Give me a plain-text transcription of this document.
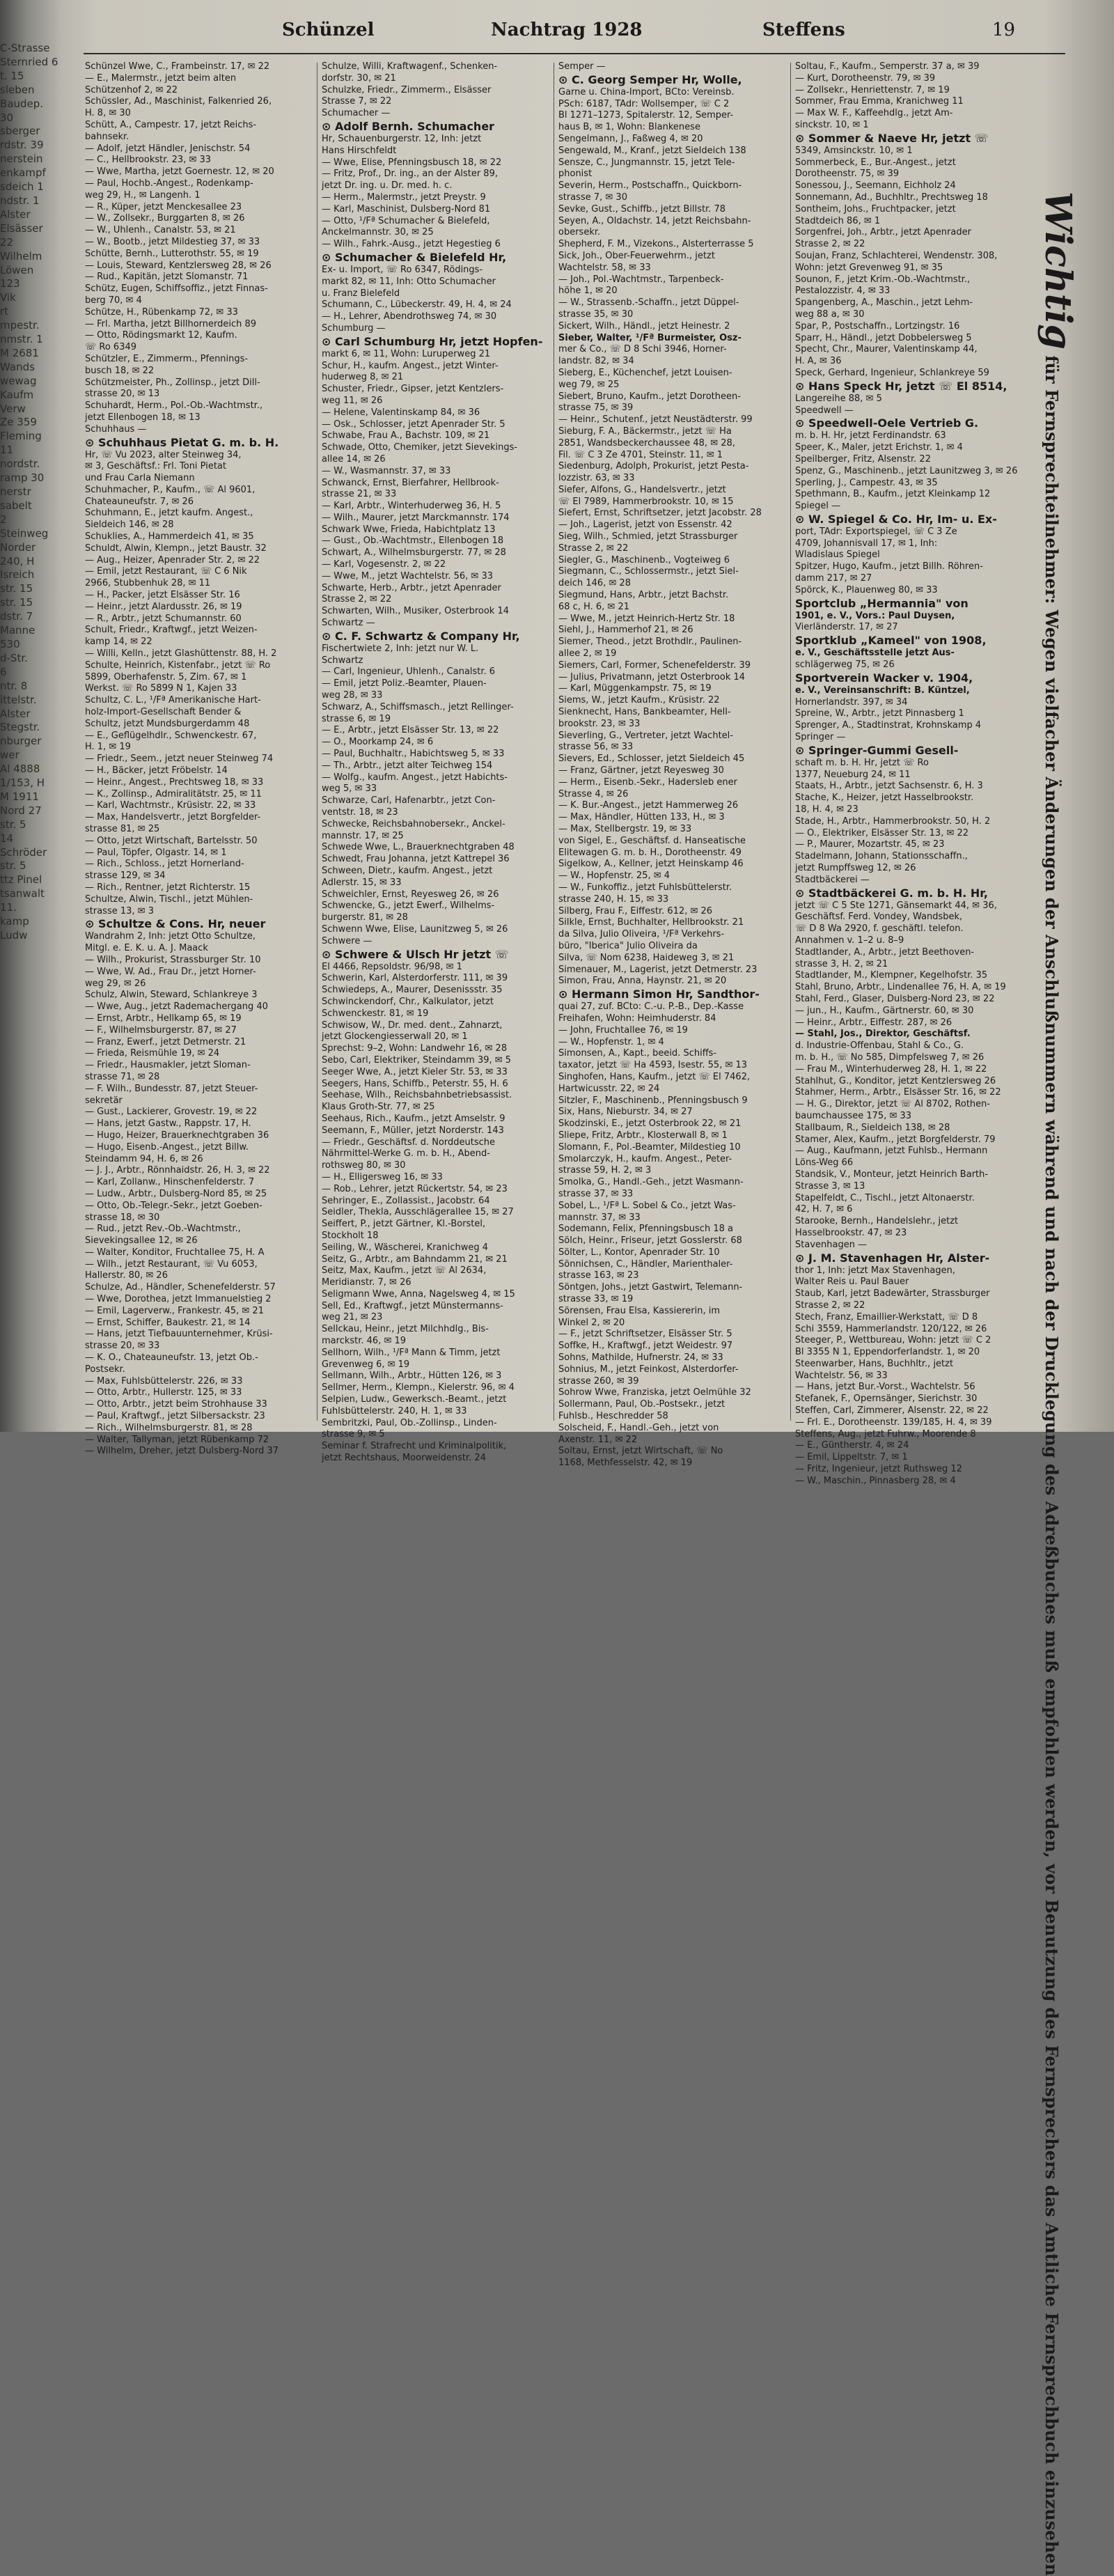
C-Strasse
Sternried 6
t. 15
sleben
Baudep.
30
sberger
rdstr. 39
nerstein
enkampf
sdeich 1
ndstr. 1
Alster
Elsässer
22
Wilhelm
Löwen
123
Vik
rt
mpestr.
nmstr. 1
M 2681
Wands
wewag
Kaufm
Verw
Ze 359
Fleming
11
nordstr.
ramp 30
nerstr
sabelt
2
Steinweg
Norder
240, H
Isreich
str. 15
str. 15
dstr. 7
Manne
530
d-Str.
6
ntr. 8
ittelstr.
Alster
Stegstr.
nburger
wer
Al 4888
1/153, H
M 1911
Nord 27
str. 5
14
Schröder
str. 5
ttz Pinel
tsanwalt
11.
kamp
Ludw
Schünzel	Nachtrag 1928	Steffens	19
Schünzel Wwe, C., Frambeinstr. 17, ✉ 22
— E., Malermstr., jetzt beim alten
Schützenhof 2, ✉ 22
Schüssler, Ad., Maschinist, Falkenried 26,
H. 8, ✉ 30
Schütt, A., Campestr. 17, jetzt Reichs-
bahnsekr.
— Adolf, jetzt Händler, Jenischstr. 54
— C., Hellbrookstr. 23, ✉ 33
— Wwe, Martha, jetzt Goernestr. 12, ✉ 20
— Paul, Hochb.-Angest., Rodenkamp-
weg 29, H., ✉ Langenh. 1
— R., Küper, jetzt Menckesallee 23
— W., Zollsekr., Burggarten 8, ✉ 26
— W., Uhlenh., Canalstr. 53, ✉ 21
— W., Bootb., jetzt Mildestieg 37, ✉ 33
Schütte, Bernh., Lutterothstr. 55, ✉ 19
— Louis, Steward, Kentzlersweg 28, ✉ 26
— Rud., Kapitän, jetzt Slomanstr. 71
Schütz, Eugen, Schiffsoffiz., jetzt Finnas-
berg 70, ✉ 4
Schütze, H., Rübenkamp 72, ✉ 33
— Frl. Martha, jetzt Billhornerdeich 89
— Otto, Rödingsmarkt 12, Kaufm.
☏ Ro 6349
Schützler, E., Zimmerm., Pfennings-
busch 18, ✉ 22
Schützmeister, Ph., Zollinsp., jetzt Dill-
strasse 20, ✉ 13
Schuhardt, Herm., Pol.-Ob.-Wachtmstr.,
jetzt Ellenbogen 18, ✉ 13
Schuhhaus —
⊙ Schuhhaus Pietat G. m. b. H.
Hr, ☏ Vu 2023, alter Steinweg 34,
✉ 3, Geschäftsf.: Frl. Toni Pietat
und Frau Carla Niemann
Schuhmacher, P., Kaufm., ☏ Al 9601,
Chateauneufstr. 7, ✉ 26
Schuhmann, E., jetzt kaufm. Angest.,
Sieldeich 146, ✉ 28
Schuklies, A., Hammerdeich 41, ✉ 35
Schuldt, Alwin, Klempn., jetzt Baustr. 32
— Aug., Heizer, Apenrader Str. 2, ✉ 22
— Emil, jetzt Restaurant, ☏ C 6 Nik
2966, Stubbenhuk 28, ✉ 11
— H., Packer, jetzt Elsässer Str. 16
— Heinr., jetzt Alardusstr. 26, ✉ 19
— R., Arbtr., jetzt Schumannstr. 60
Schult, Friedr., Kraftwgf., jetzt Weizen-
kamp 14, ✉ 22
— Willi, Kelln., jetzt Glashüttenstr. 88, H. 2
Schulte, Heinrich, Kistenfabr., jetzt ☏ Ro
5899, Oberhafenstr. 5, Zim. 67, ✉ 1
Werkst. ☏ Ro 5899 N 1, Kajen 33
Schultz, C. L., ¹/Fª Amerikanische Hart-
holz-Import-Gesellschaft Bender &
Schultz, jetzt Mundsburgerdamm 48
— E., Geflügelhdlr., Schwenckestr. 67,
H. 1, ✉ 19
— Friedr., Seem., jetzt neuer Steinweg 74
— H., Bäcker, jetzt Fröbelstr. 14
— Heinr., Angest., Prechtsweg 18, ✉ 33
— K., Zollinsp., Admiralitätstr. 25, ✉ 11
— Karl, Wachtmstr., Krüsistr. 22, ✉ 33
— Max, Handelsvertr., jetzt Borgfelder-
strasse 81, ✉ 25
— Otto, jetzt Wirtschaft, Bartelsstr. 50
— Paul, Töpfer, Olgastr. 14, ✉ 1
— Rich., Schloss., jetzt Hornerland-
strasse 129, ✉ 34
— Rich., Rentner, jetzt Richterstr. 15
Schultze, Alwin, Tischl., jetzt Mühlen-
strasse 13, ✉ 3
⊙ Schultze & Cons. Hr, neuer
Wandrahm 2, Inh: jetzt Otto Schultze,
Mitgl. e. E. K. u. A. J. Maack
— Wilh., Prokurist, Strassburger Str. 10
— Wwe, W. Ad., Frau Dr., jetzt Horner-
weg 29, ✉ 26
Schulz, Alwin, Steward, Schlankreye 3
— Wwe, Aug., jetzt Rademachergang 40
— Ernst, Arbtr., Hellkamp 65, ✉ 19
— F., Wilhelmsburgerstr. 87, ✉ 27
— Franz, Ewerf., jetzt Detmerstr. 21
— Frieda, Reismühle 19, ✉ 24
— Friedr., Hausmakler, jetzt Sloman-
strasse 71, ✉ 28
— F. Wilh., Bundesstr. 87, jetzt Steuer-
sekretär
— Gust., Lackierer, Grovestr. 19, ✉ 22
— Hans, jetzt Gastw., Rappstr. 17, H.
— Hugo, Heizer, Brauerknechtgraben 36
— Hugo, Eisenb.-Angest., jetzt Billw.
Steindamm 94, H. 6, ✉ 26
— J. J., Arbtr., Rönnhaidstr. 26, H. 3, ✉ 22
— Karl, Zollanw., Hinschenfelderstr. 7
— Ludw., Arbtr., Dulsberg-Nord 85, ✉ 25
— Otto, Ob.-Telegr.-Sekr., jetzt Goeben-
strasse 18, ✉ 30
— Rud., jetzt Rev.-Ob.-Wachtmstr.,
Sievekingsallee 12, ✉ 26
— Walter, Konditor, Fruchtallee 75, H. A
— Wilh., jetzt Restaurant, ☏ Vu 6053,
Hallerstr. 80, ✉ 26
Schulze, Ad., Händler, Schenefelderstr. 57
— Wwe, Dorothea, jetzt Immanuelstieg 2
— Emil, Lagerverw., Frankestr. 45, ✉ 21
— Ernst, Schiffer, Baukestr. 21, ✉ 14
— Hans, jetzt Tiefbauunternehmer, Krüsi-
strasse 20, ✉ 33
— K. O., Chateauneufstr. 13, jetzt Ob.-
Postsekr.
— Max, Fuhlsbüttelerstr. 226, ✉ 33
— Otto, Arbtr., Hullerstr. 125, ✉ 33
— Otto, Arbtr., jetzt beim Strohhause 33
— Paul, Kraftwgf., jetzt Silbersackstr. 23
— Rich., Wilhelmsburgerstr. 81, ✉ 28
— Walter, Tallyman, jetzt Rübenkamp 72
— Wilhelm, Dreher, jetzt Dulsberg-Nord 37
Schulze, Willi, Kraftwagenf., Schenken-
dorfstr. 30, ✉ 21
Schulzke, Friedr., Zimmerm., Elsässer
Strasse 7, ✉ 22
Schumacher —
⊙ Adolf Bernh. Schumacher
Hr, Schauenburgerstr. 12, Inh: jetzt
Hans Hirschfeldt
— Wwe, Elise, Pfenningsbusch 18, ✉ 22
— Fritz, Prof., Dr. ing., an der Alster 89,
jetzt Dr. ing. u. Dr. med. h. c.
— Herm., Malermstr., jetzt Preystr. 9
— Karl, Maschinist, Dulsberg-Nord 81
— Otto, ¹/Fª Schumacher & Bielefeld,
Anckelmannstr. 30, ✉ 25
— Wilh., Fahrk.-Ausg., jetzt Hegestieg 6
⊙ Schumacher & Bielefeld Hr,
Ex- u. Import, ☏ Ro 6347, Rödings-
markt 82, ✉ 11, Inh: Otto Schumacher
u. Franz Bielefeld
Schumann, C., Lübeckerstr. 49, H. 4, ✉ 24
— H., Lehrer, Abendrothsweg 74, ✉ 30
Schumburg —
⊙ Carl Schumburg Hr, jetzt Hopfen-
markt 6, ✉ 11, Wohn: Luruperweg 21
Schur, H., kaufm. Angest., jetzt Winter-
huderweg 8, ✉ 21
Schuster, Friedr., Gipser, jetzt Kentzlers-
weg 11, ✉ 26
— Helene, Valentinskamp 84, ✉ 36
— Osk., Schlosser, jetzt Apenrader Str. 5
Schwabe, Frau A., Bachstr. 109, ✉ 21
Schwade, Otto, Chemiker, jetzt Sievekings-
allee 14, ✉ 26
— W., Wasmannstr. 37, ✉ 33
Schwanck, Ernst, Bierfahrer, Hellbrook-
strasse 21, ✉ 33
— Karl, Arbtr., Winterhuderweg 36, H. 5
— Wilh., Maurer, jetzt Marckmannstr. 174
Schwark Wwe, Frieda, Habichtplatz 13
— Gust., Ob.-Wachtmstr., Ellenbogen 18
Schwart, A., Wilhelmsburgerstr. 77, ✉ 28
— Karl, Vogesenstr. 2, ✉ 22
— Wwe, M., jetzt Wachtelstr. 56, ✉ 33
Schwarte, Herb., Arbtr., jetzt Apenrader
Strasse 2, ✉ 22
Schwarten, Wilh., Musiker, Osterbrook 14
Schwartz —
⊙ C. F. Schwartz & Company Hr,
Fischertwiete 2, Inh: jetzt nur W. L.
Schwartz
— Carl, Ingenieur, Uhlenh., Canalstr. 6
— Emil, jetzt Poliz.-Beamter, Plauen-
weg 28, ✉ 33
Schwarz, A., Schiffsmasch., jetzt Rellinger-
strasse 6, ✉ 19
— E., Arbtr., jetzt Elsässer Str. 13, ✉ 22
— O., Moorkamp 24, ✉ 6
— Paul, Buchhaltr., Habichtsweg 5, ✉ 33
— Th., Arbtr., jetzt alter Teichweg 154
— Wolfg., kaufm. Angest., jetzt Habichts-
weg 5, ✉ 33
Schwarze, Carl, Hafenarbtr., jetzt Con-
ventstr. 18, ✉ 23
Schwecke, Reichsbahnobersekr., Anckel-
mannstr. 17, ✉ 25
Schwede Wwe, L., Brauerknechtgraben 48
Schwedt, Frau Johanna, jetzt Kattrepel 36
Schween, Dietr., kaufm. Angest., jetzt
Adlerstr. 15, ✉ 33
Schweichler, Ernst, Reyesweg 26, ✉ 26
Schwencke, G., jetzt Ewerf., Wilhelms-
burgerstr. 81, ✉ 28
Schwenn Wwe, Elise, Launitzweg 5, ✉ 26
Schwere —
⊙ Schwere & Ulsch Hr jetzt ☏
El 4466, Repsoldstr. 96/98, ✉ 1
Schwerin, Karl, Alsterdorferstr. 111, ✉ 39
Schwiedeps, A., Maurer, Desenissstr. 35
Schwinckendorf, Chr., Kalkulator, jetzt
Schwenckestr. 81, ✉ 19
Schwisow, W., Dr. med. dent., Zahnarzt,
jetzt Glockengiesserwall 20, ✉ 1
Sprechst: 9–2, Wohn: Landwehr 16, ✉ 28
Sebo, Carl, Elektriker, Steindamm 39, ✉ 5
Seeger Wwe, A., jetzt Kieler Str. 53, ✉ 33
Seegers, Hans, Schiffb., Peterstr. 55, H. 6
Seehase, Wilh., Reichsbahnbetriebsassist.
Klaus Groth-Str. 77, ✉ 25
Seehaus, Rich., Kaufm., jetzt Amselstr. 9
Seemann, F., Müller, jetzt Norderstr. 143
— Friedr., Geschäftsf. d. Norddeutsche
Nährmittel-Werke G. m. b. H., Abend-
rothsweg 80, ✉ 30
— H., Elligersweg 16, ✉ 33
— Rob., Lehrer, jetzt Rückertstr. 54, ✉ 23
Sehringer, E., Zollassist., Jacobstr. 64
Seidler, Thekla, Ausschlägerallee 15, ✉ 27
Seiffert, P., jetzt Gärtner, Kl.-Borstel,
Stockholt 18
Seiling, W., Wäscherei, Kranichweg 4
Seitz, G., Arbtr., am Bahndamm 21, ✉ 21
Seitz, Max, Kaufm., jetzt ☏ Al 2634,
Meridianstr. 7, ✉ 26
Seligmann Wwe, Anna, Nagelsweg 4, ✉ 15
Sell, Ed., Kraftwgf., jetzt Münstermanns-
weg 21, ✉ 23
Sellckau, Heinr., jetzt Milchhdlg., Bis-
marckstr. 46, ✉ 19
Sellhorn, Wilh., ¹/Fª Mann & Timm, jetzt
Grevenweg 6, ✉ 19
Sellmann, Wilh., Arbtr., Hütten 126, ✉ 3
Sellmer, Herm., Klempn., Kielerstr. 96, ✉ 4
Selpien, Ludw., Gewerksch.-Beamt., jetzt
Fuhlsbüttelerstr. 240, H. 1, ✉ 33
Sembritzki, Paul, Ob.-Zollinsp., Linden-
strasse 9, ✉ 5
Seminar f. Strafrecht und Kriminalpolitik,
jetzt Rechtshaus, Moorweidenstr. 24
Semper —
⊙ C. Georg Semper Hr, Wolle,
Garne u. China-Import, BCto: Vereinsb.
PSch: 6187, TAdr: Wollsemper, ☏ C 2
Bl 1271–1273, Spitalerstr. 12, Semper-
haus B, ✉ 1, Wohn: Blankenese
Sengelmann, J., Faßweg 4, ✉ 20
Sengewald, M., Kranf., jetzt Sieldeich 138
Sensze, C., Jungmannstr. 15, jetzt Tele-
phonist
Severin, Herm., Postschaffn., Quickborn-
strasse 7, ✉ 30
Sevke, Gust., Schiffb., jetzt Billstr. 78
Seyen, A., Oldachstr. 14, jetzt Reichsbahn-
obersekr.
Shepherd, F. M., Vizekons., Alsterterrasse 5
Sick, Joh., Ober-Feuerwehrm., jetzt
Wachtelstr. 58, ✉ 33
— Joh., Pol.-Wachtmstr., Tarpenbeck-
höhe 1, ✉ 20
— W., Strassenb.-Schaffn., jetzt Düppel-
strasse 35, ✉ 30
Sickert, Wilh., Händl., jetzt Heinestr. 2
Sieber, Walter, ¹/Fª Burmeister, Osz-
mer & Co., ☏ D 8 Schi 3946, Horner-
landstr. 82, ✉ 34
Sieberg, E., Küchenchef, jetzt Louisen-
weg 79, ✉ 25
Siebert, Bruno, Kaufm., jetzt Dorotheen-
strasse 75, ✉ 39
— Heinr., Schutenf., jetzt Neustädterstr. 99
Sieburg, F. A., Bäckermstr., jetzt ☏ Ha
2851, Wandsbeckerchaussee 48, ✉ 28,
Fil. ☏ C 3 Ze 4701, Steinstr. 11, ✉ 1
Siedenburg, Adolph, Prokurist, jetzt Pesta-
lozzistr. 63, ✉ 33
Siefer, Alfons, G., Handelsvertr., jetzt
☏ El 7989, Hammerbrookstr. 10, ✉ 15
Siefert, Ernst, Schriftsetzer, jetzt Jacobstr. 28
— Joh., Lagerist, jetzt von Essenstr. 42
Sieg, Wilh., Schmied, jetzt Strassburger
Strasse 2, ✉ 22
Siegler, G., Maschinenb., Vogteiweg 6
Siegmann, C., Schlossermstr., jetzt Siel-
deich 146, ✉ 28
Siegmund, Hans, Arbtr., jetzt Bachstr.
68 c, H. 6, ✉ 21
— Wwe, M., jetzt Heinrich-Hertz Str. 18
Siehl, J., Hammerhof 21, ✉ 26
Siemer, Theod., jetzt Brothdlr., Paulinen-
allee 2, ✉ 19
Siemers, Carl, Former, Schenefelderstr. 39
— Julius, Privatmann, jetzt Osterbrook 14
— Karl, Müggenkampstr. 75, ✉ 19
Siems, W., jetzt Kaufm., Krüsistr. 22
Sienknecht, Hans, Bankbeamter, Hell-
brookstr. 23, ✉ 33
Sieverling, G., Vertreter, jetzt Wachtel-
strasse 56, ✉ 33
Sievers, Ed., Schlosser, jetzt Sieldeich 45
— Franz, Gärtner, jetzt Reyesweg 30
— Herm., Eisenb.-Sekr., Hadersleb ener
Strasse 4, ✉ 26
— K. Bur.-Angest., jetzt Hammerweg 26
— Max, Händler, Hütten 133, H., ✉ 3
— Max, Stellbergstr. 19, ✉ 33
von Sigel, E., Geschäftsf. d. Hanseatische
Elitewagen G. m. b. H., Dorotheenstr. 49
Sigelkow, A., Kellner, jetzt Heinskamp 46
— W., Hopfenstr. 25, ✉ 4
— W., Funkoffiz., jetzt Fuhlsbüttelerstr.
strasse 240, H. 15, ✉ 33
Silberg, Frau F., Eiffestr. 612, ✉ 26
Silkle, Ernst, Buchhalter, Hellbrookstr. 21
da Silva, Julio Oliveira, ¹/Fª Verkehrs-
büro, "Iberica" Julio Oliveira da
Silva, ☏ Nom 6238, Haideweg 3, ✉ 21
Simenauer, M., Lagerist, jetzt Detmerstr. 23
Simon, Frau, Anna, Haynstr. 21, ✉ 20
⊙ Hermann Simon Hr, Sandthor-
quai 27, zuf. BCto: C.-u. P.-B., Dep.-Kasse
Freihafen, Wohn: Heimhuderstr. 84
— John, Fruchtallee 76, ✉ 19
— W., Hopfenstr. 1, ✉ 4
Simonsen, A., Kapt., beeid. Schiffs-
taxator, jetzt ☏ Ha 4593, Isestr. 55, ✉ 13
Singhofen, Hans, Kaufm., jetzt ☏ El 7462,
Hartwicusstr. 22, ✉ 24
Sitzler, F., Maschinenb., Pfenningsbusch 9
Six, Hans, Nieburstr. 34, ✉ 27
Skodzinski, E., jetzt Osterbrook 22, ✉ 21
Sliepe, Fritz, Arbtr., Klosterwall 8, ✉ 1
Slomann, F., Pol.-Beamter, Mildestieg 10
Smolarczyk, H., kaufm. Angest., Peter-
strasse 59, H. 2, ✉ 3
Smolka, G., Handl.-Geh., jetzt Wasmann-
strasse 37, ✉ 33
Sobel, L., ¹/Fª L. Sobel & Co., jetzt Was-
mannstr. 37, ✉ 33
Sodemann, Felix, Pfenningsbusch 18 a
Sölch, Heinr., Friseur, jetzt Gosslerstr. 68
Sölter, L., Kontor, Apenrader Str. 10
Sönnichsen, C., Händler, Marienthaler-
strasse 163, ✉ 23
Söntgen, Johs., jetzt Gastwirt, Telemann-
strasse 33, ✉ 19
Sörensen, Frau Elsa, Kassiererin, im
Winkel 2, ✉ 20
— F., jetzt Schriftsetzer, Elsässer Str. 5
Soffke, H., Kraftwgf., jetzt Weidestr. 97
Sohns, Mathilde, Hufnerstr. 24, ✉ 33
Sohnius, M., jetzt Feinkost, Alsterdorfer-
strasse 260, ✉ 39
Sohrow Wwe, Franziska, jetzt Oelmühle 32
Sollermann, Paul, Ob.-Postsekr., jetzt
Fuhlsb., Heschredder 58
Solscheid, F., Handl.-Geh., jetzt von
Axenstr. 11, ✉ 22
Soltau, Ernst, jetzt Wirtschaft, ☏ No
1168, Methfesselstr. 42, ✉ 19
Soltau, F., Kaufm., Semperstr. 37 a, ✉ 39
— Kurt, Dorotheenstr. 79, ✉ 39
— Zollsekr., Henriettenstr. 7, ✉ 19
Sommer, Frau Emma, Kranichweg 11
— Max W. F., Kaffeehdlg., jetzt Am-
sinckstr. 10, ✉ 1
⊙ Sommer & Naeve Hr, jetzt ☏
5349, Amsinckstr. 10, ✉ 1
Sommerbeck, E., Bur.-Angest., jetzt
Dorotheenstr. 75, ✉ 39
Sonessou, J., Seemann, Eichholz 24
Sonnemann, Ad., Buchhltr., Prechtsweg 18
Sontheim, Johs., Fruchtpacker, jetzt
Stadtdeich 86, ✉ 1
Sorgenfrei, Joh., Arbtr., jetzt Apenrader
Strasse 2, ✉ 22
Soujan, Franz, Schlachterei, Wendenstr. 308,
Wohn: jetzt Grevenweg 91, ✉ 35
Sounon, F., jetzt Krim.-Ob.-Wachtmstr.,
Pestalozzistr. 4, ✉ 33
Spangenberg, A., Maschin., jetzt Lehm-
weg 88 a, ✉ 30
Spar, P., Postschaffn., Lortzingstr. 16
Sparr, H., Händl., jetzt Dobbelersweg 5
Specht, Chr., Maurer, Valentinskamp 44,
H. A, ✉ 36
Speck, Gerhard, Ingenieur, Schlankreye 59
⊙ Hans Speck Hr, jetzt ☏ El 8514,
Langereihe 88, ✉ 5
Speedwell —
⊙ Speedwell-Oele Vertrieb G.
m. b. H. Hr, jetzt Ferdinandstr. 63
Speer, K., Maler, jetzt Erichstr. 1, ✉ 4
Speilberger, Fritz, Alsenstr. 22
Spenz, G., Maschinenb., jetzt Launitzweg 3, ✉ 26
Sperling, J., Campestr. 43, ✉ 35
Spethmann, B., Kaufm., jetzt Kleinkamp 12
Spiegel —
⊙ W. Spiegel & Co. Hr, Im- u. Ex-
port, TAdr: Exportspiegel, ☏ C 3 Ze
4709, Johannisvall 17, ✉ 1, Inh:
Wladislaus Spiegel
Spitzer, Hugo, Kaufm., jetzt Billh. Röhren-
damm 217, ✉ 27
Spörck, K., Plauenweg 80, ✉ 33
Sportclub „Hermannia" von
1901, e. V., Vors.: Paul Duysen,
Vierländerstr. 17, ✉ 27
Sportklub „Kameel" von 1908,
e. V., Geschäftsstelle jetzt Aus-
schlägerweg 75, ✉ 26
Sportverein Wacker v. 1904,
e. V., Vereinsanschrift: B. Küntzel,
Hornerlandstr. 397, ✉ 34
Spreine, W., Arbtr., jetzt Pinnasberg 1
Sprenger, A., Stadtinstrat, Krohnskamp 4
Springer —
⊙ Springer-Gummi Gesell-
schaft m. b. H. Hr, jetzt ☏ Ro
1377, Neueburg 24, ✉ 11
Staats, H., Arbtr., jetzt Sachsenstr. 6, H. 3
Stache, K., Heizer, jetzt Hasselbrookstr.
18, H. 4, ✉ 23
Stade, H., Arbtr., Hammerbrookstr. 50, H. 2
— O., Elektriker, Elsässer Str. 13, ✉ 22
— P., Maurer, Mozartstr. 45, ✉ 23
Stadelmann, Johann, Stationsschaffn.,
jetzt Rumpffsweg 12, ✉ 26
Stadtbäckerei —
⊙ Stadtbäckerei G. m. b. H. Hr,
jetzt ☏ C 5 Ste 1271, Gänsemarkt 44, ✉ 36,
Geschäftsf. Ferd. Vondey, Wandsbek,
☏ D 8 Wa 2920, f. geschäftl. telefon.
Annahmen v. 1–2 u. 8–9
Stadtlander, A., Arbtr., jetzt Beethoven-
strasse 3, H. 2, ✉ 21
Stadtlander, M., Klempner, Kegelhofstr. 35
Stahl, Bruno, Arbtr., Lindenallee 76, H. A, ✉ 19
Stahl, Ferd., Glaser, Dulsberg-Nord 23, ✉ 22
— jun., H., Kaufm., Gärtnerstr. 60, ✉ 30
— Heinr., Arbtr., Eiffestr. 287, ✉ 26
— Stahl, Jos., Direktor, Geschäftsf.
d. Industrie-Offenbau, Stahl & Co., G.
m. b. H., ☏ No 585, Dimpfelsweg 7, ✉ 26
— Frau M., Winterhuderweg 28, H. 1, ✉ 22
Stahlhut, G., Konditor, jetzt Kentzlersweg 26
Stahmer, Herm., Arbtr., Elsässer Str. 16, ✉ 22
— H. G., Direktor, jetzt ☏ Al 8702, Rothen-
baumchaussee 175, ✉ 33
Stallbaum, R., Sieldeich 138, ✉ 28
Stamer, Alex, Kaufm., jetzt Borgfelderstr. 79
— Aug., Kaufmann, jetzt Fuhlsb., Hermann
Löns-Weg 66
Standsik, V., Monteur, jetzt Heinrich Barth-
Strasse 3, ✉ 13
Stapelfeldt, C., Tischl., jetzt Altonaerstr.
42, H. 7, ✉ 6
Starooke, Bernh., Handelslehr., jetzt
Hasselbrookstr. 47, ✉ 23
Stavenhagen —
⊙ J. M. Stavenhagen Hr, Alster-
thor 1, Inh: jetzt Max Stavenhagen,
Walter Reis u. Paul Bauer
Staub, Karl, jetzt Badewärter, Strassburger
Strasse 2, ✉ 22
Stech, Franz, Emaillier-Werkstatt, ☏ D 8
Schi 3559, Hammerlandstr. 120/122, ✉ 26
Steeger, P., Wettbureau, Wohn: jetzt ☏ C 2
Bl 3355 N 1, Eppendorferlandstr. 1, ✉ 20
Steenwarber, Hans, Buchhltr., jetzt
Wachtelstr. 56, ✉ 33
— Hans, jetzt Bur.-Vorst., Wachtelstr. 56
Stefanek, F., Opernsänger, Sierichstr. 30
Steffen, Carl, Zimmerer, Alsenstr. 22, ✉ 22
— Frl. E., Dorotheenstr. 139/185, H. 4, ✉ 39
Steffens, Aug., jetzt Fuhrw., Moorende 8
— E., Güntherstr. 4, ✉ 24
— Emil, Lippeltstr. 7, ✉ 1
— Fritz, Ingenieur, jetzt Ruthsweg 12
— W., Maschin., Pinnasberg 28, ✉ 4
Wichtig für Fernsprechteilnehmer: Wegen vielfacher Änderungen der Anschlußnummern während und nach der Drucklegung des Adreßbuches muß empfohlen werden, vor Benutzung des Fernsprechers das Amtliche Fernsprechbuch einzusehen
